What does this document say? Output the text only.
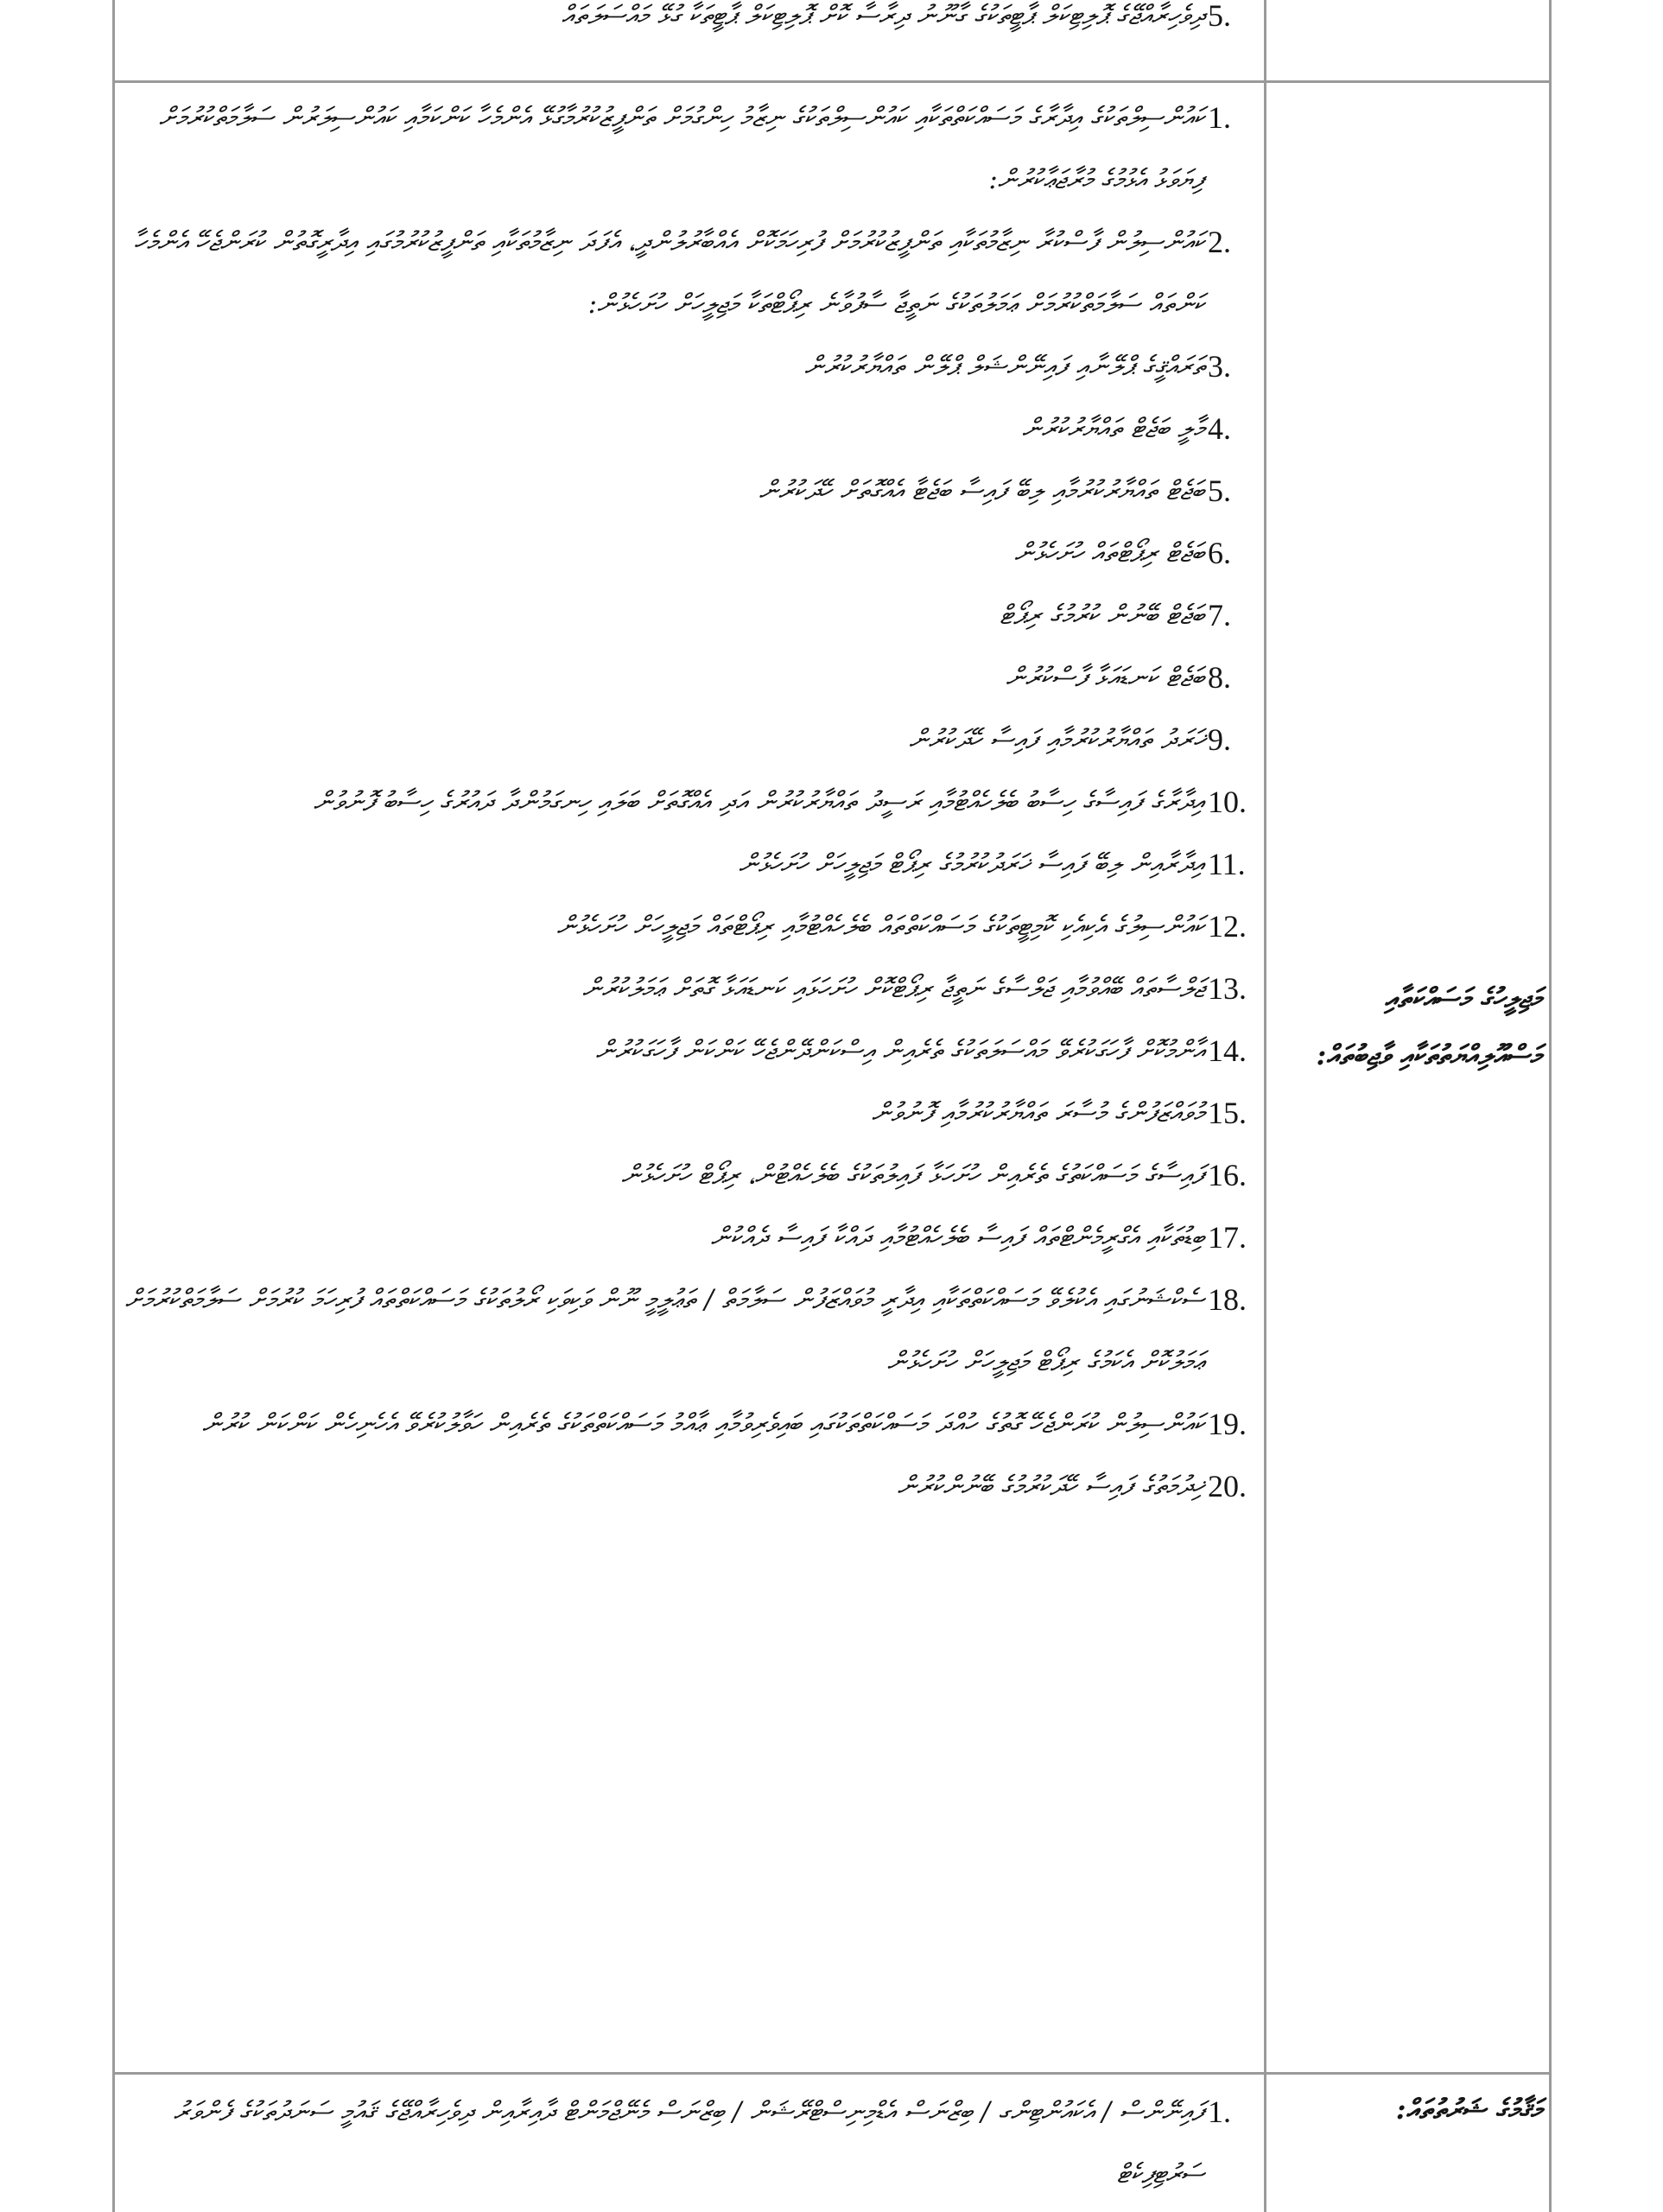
5.
ދިވެހިރާއްޖޭގެ ޕޮލިޓިކަލް ޕާޓީތަކުގެ ގާނޫނު ދިރާސާ ކޮށް ޕޮލިޓިކަލް ޕާޓީތަކާ ގުޅޭ މައްސަލަތައް
މަޖިލީހުގެ މަސައްކަތާއި މަސްއޫލިއްޔަތުތަކާއި ވާޖިބުތައް:
1.
ކައުންސިލްތަކުގެ އިދާރާގެ މަސައްކަތްތަކާއި ކައުންސިލްތަކުގެ ނިޒާމު ހިންގުމަށް ތަންފީޒުކުރުމާގުޅޭ އެންމެހާ ކަންކަމާއި ކައުންސިލަރުން ސަލާމަތްކުރުމަށް ފިޔަވަޅު އެޅުމުގެ މުރާޖަޢާކުރުން:
2.
ކައުންސިލުން ފާސްކުރާ ނިޒާމުތަކާއި ތަންފީޒުކުރުމަށް ފުރިހަމަކޮށް އެއްބާރުލުންދީ، އެފަދަ ނިޒާމުތަކާއި ތަންފީޒުކުރުމުގައި އިދާރީގޮތުން ކުރަންޖެހޭ އެންމެހާ ކަންތައް ސަލާމަތްކުރުމަށް ޢަމަލުތަކުގެ ނަތީޖާ ސާފުވާނެ ރިޕޯޓްތަކާ މަޖިލީހަށް ހުށަހެޅުން:
3.
ތަރައްޤީގެ ޕްލޭނާއި ފައިނޭންޝަލް ޕްލޭން ތައްޔާރުކުރުން
4.
މާލީ ބަޖެޓް ތައްޔާރުކުރުން
5.
ބަޖެޓް ތައްޔާރުކުރުމާއި ލިބޭ ފައިސާ ބަޖެޓާ އެއްގޮތަށް ހޭދަކުރުން
6.
ބަޖެޓް ރިޕޯޓްތައް ހުށަހެޅުން
7.
ބަޖެޓް ބޭނުން ކުރުމުގެ ރިޕޯޓް
8.
ބަޖެޓް ކަނޑައަޅާ ފާސްކުރުން
9.
ޚަރަދު ތައްޔާރުކުރުމާއި ފައިސާ ހޭދަކުރުން
10.
އިދާރާގެ ފައިސާގެ ހިސާބު ބެލެހެއްޓުމާއި ރަސީދު ތައްޔާރުކުރުން އަދި އެއްގޮތަށް ބަލައި ހިނގަމުންދާ ދައުރުގެ ހިސާބު ފޮނުވުން
11.
އިދާރާއިން ލިބޭ ފައިސާ ޚަރަދުކުރުމުގެ ރިޕޯޓް މަޖިލީހަށް ހުށަހެޅުން
12.
ކައުންސިލުގެ އެކިއެކި ކޮމިޓީތަކުގެ މަސައްކަތްތައް ބެލެހެއްޓުމާއި ރިޕޯޓްތައް މަޖިލީހަށް ހުށަހެޅުން
13.
ޖަލްސާތައް ބޭއްވުމާއި ޖަލްސާގެ ނަތީޖާ ރިޕޯޓްކޮށް ހުށަހަޅައި ކަނޑައަޅާ ގޮތަށް ޢަމަލުކުރުން
14.
އާންމުކޮށް ފާހަގަކުރެވޭ މައްސަލަތަކުގެ ތެރެއިން އިސްކަންދޭންޖެހޭ ކަންކަން ފާހަގަކުރުން
15.
މުވައްޒަފުންގެ މުސާރަ ތައްޔާރުކުރުމާއި ފޮނުވުން
16.
ފައިސާގެ މަސައްކަތުގެ ތެރެއިން ހުށަހަޅާ ފައިލުތަކުގެ ބެލެހެއްޓުން، ރިޕޯޓް ހުށަހެޅުން
17.
ބިޑުތަކާއި އެގްރީމެންޓްތައް ފައިސާ ބެލެހެއްޓުމާއި ދައްކާ ފައިސާ ދެއްކުން
18.
ސެކްޝަނުގައި އެކުލެވޭ މަސައްކަތްތަކާއި އިދާރީ މުވައްޒަފުން ސަލާމަތް / ތަޢުލީމީ ނޫން ވަކިވަކި ރޯލުތަކުގެ މަސައްކަތްތައް ފުރިހަމަ ކުރުމަށް ސަލާމަތްކުރުމަށް ޢަމަލުކޮށް އެކަމުގެ ރިޕޯޓް މަޖިލީހަށް ހުށަހެޅުން
19.
ކައުންސިލުން ކުރަންޖެހޭ ގޮތުގެ ހުއްދަ މަސައްކަތްތަކުގައި ބައިވެރިވުމާއި ޢާއްމު މަސައްކަތްތަކުގެ ތެރެއިން ހަވާލުކުރެވޭ އެހެނިހެން ކަންކަން ކުރުން
20.
ޚިދުމަތުގެ ފައިސާ ހޭދަކުރުމުގެ ބޭނުންކުރުން
މަޤާމުގެ ޝަރުތުތައް:
1.
ފައިނޭންސް / އެކައުންޓިންގ / ބިޒްނަސް އެޑްމިނިސްޓްރޭޝަން / ބިޒްނަސް މެނޭޖްމަންޓް ދާއިރާއިން ދިވެހިރާއްޖޭގެ ޤައުމީ ސަނަދުތަކުގެ ފެންވަރު ސަރުޓިފިކެޓް
